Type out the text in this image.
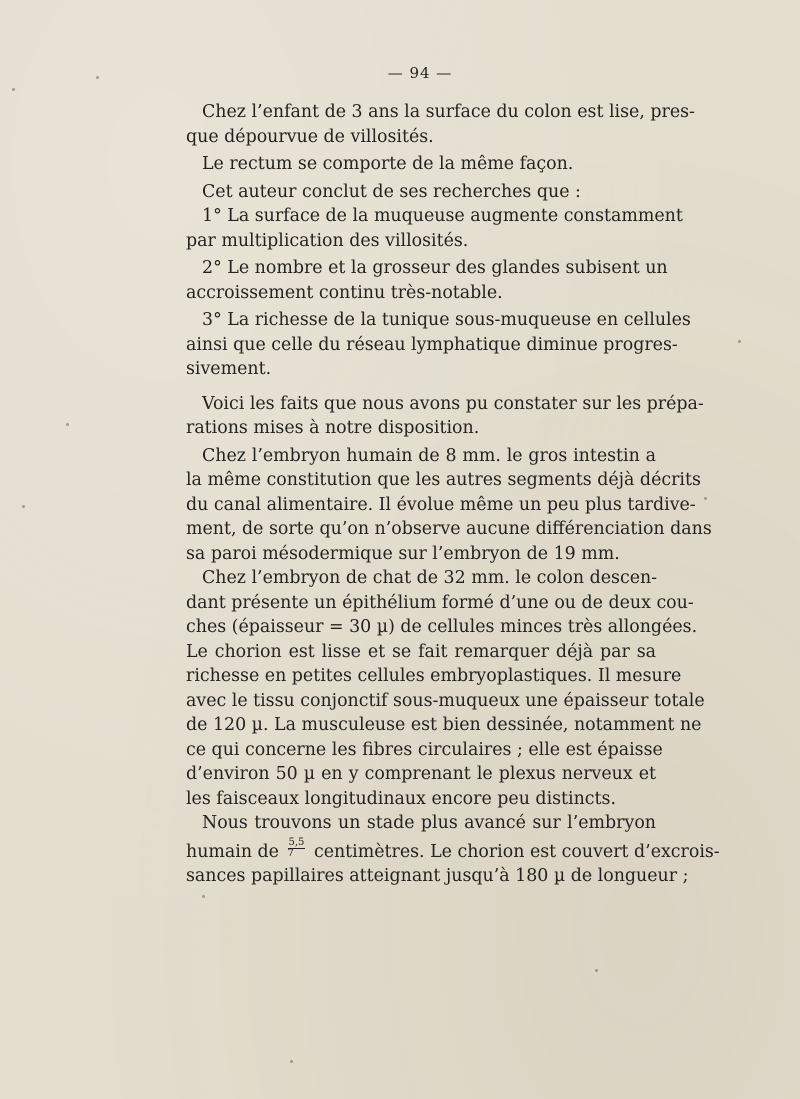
— 94 —
Chez l’enfant de 3 ans la surface du colon est lise, pres-
que dépourvue de villosités.
Le rectum se comporte de la même façon.
Cet auteur conclut de ses recherches que :
1° La surface de la muqueuse augmente constamment
par multiplication des villosités.
2° Le nombre et la grosseur des glandes subisent un
accroissement continu très-notable.
3° La richesse de la tunique sous-muqueuse en cellules
ainsi que celle du réseau lymphatique diminue progres-
sivement.
Voici les faits que nous avons pu constater sur les prépa-
rations mises à notre disposition.
Chez l’embryon humain de 8 mm. le gros intestin a
la même constitution que les autres segments déjà décrits
du canal alimentaire. Il évolue même un peu plus tardive-
ment, de sorte qu’on n’observe aucune différenciation dans
sa paroi mésodermique sur l’embryon de 19 mm.
Chez l’embryon de chat de 32 mm. le colon descen-
dant présente un épithélium formé d’une ou de deux cou-
ches (épaisseur = 30 µ) de cellules minces très allongées.
Le chorion est lisse et se fait remarquer déjà par sa
richesse en petites cellules embryoplastiques. Il mesure
avec le tissu conjonctif sous-muqueux une épaisseur totale
de 120 µ. La musculeuse est bien dessinée, notamment ne
ce qui concerne les fibres circulaires ; elle est épaisse
d’environ 50 µ en y comprenant le plexus nerveux et
les faisceaux longitudinaux encore peu distincts.
Nous trouvons un stade plus avancé sur l’embryon
humain de $\frac{5,5}{7}$ centimètres. Le chorion est couvert d’excrois-
sances papillaires atteignant jusqu’à 180 µ de longueur ;
